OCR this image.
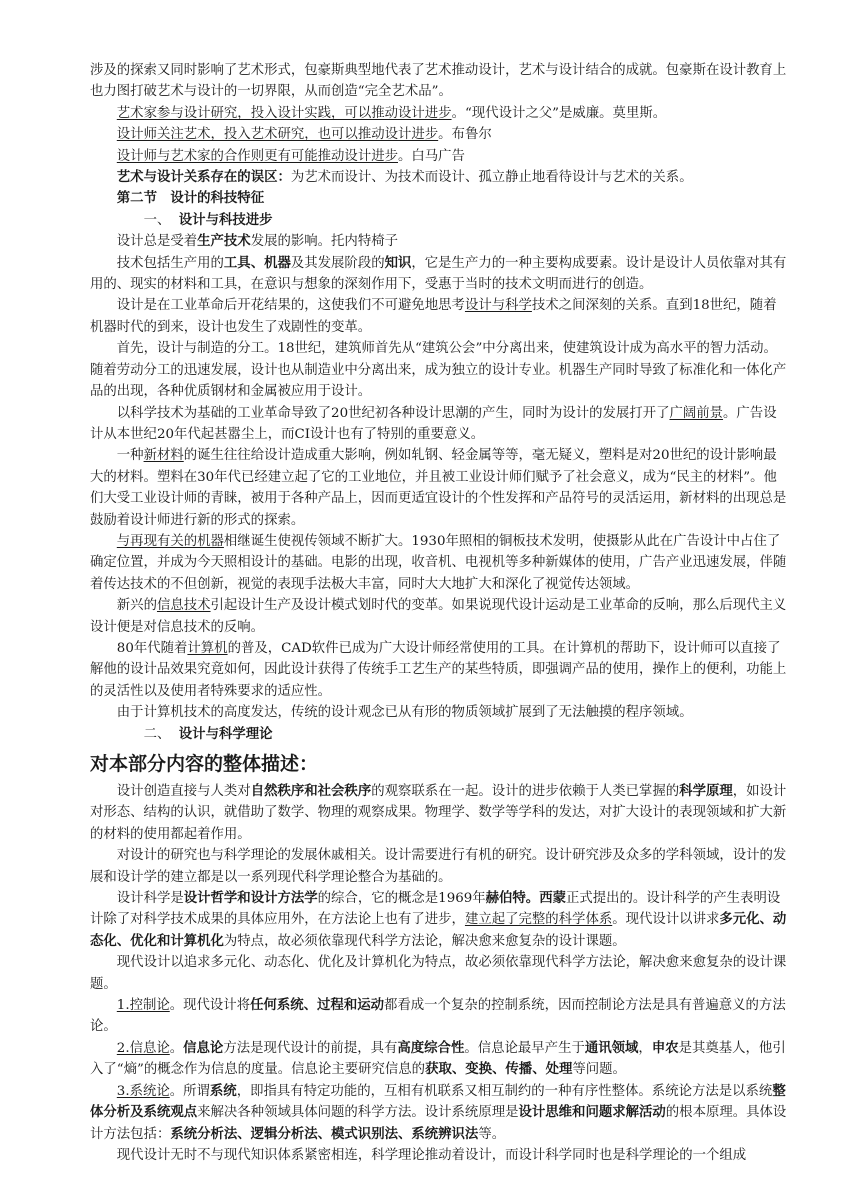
涉及的探索又同时影响了艺术形式，包豪斯典型地代表了艺术推动设计，艺术与设计结合的成就。包豪斯在设计教育上也力图打破艺术与设计的一切界限，从而创造“完全艺术品”。

艺术家参与设计研究，投入设计实践，可以推动设计进步。“现代设计之父”是威廉。莫里斯。

设计师关注艺术，投入艺术研究，也可以推动设计进步。布鲁尔

设计师与艺术家的合作则更有可能推动设计进步。白马广告

艺术与设计关系存在的误区：为艺术而设计、为技术而设计、孤立静止地看待设计与艺术的关系。

第二节　设计的科技特征

一、 设计与科技进步

设计总是受着生产技术发展的影响。托内特椅子

技术包括生产用的工具、机器及其发展阶段的知识，它是生产力的一种主要构成要素。设计是设计人员依靠对其有用的、现实的材料和工具，在意识与想象的深刻作用下，受惠于当时的技术文明而进行的创造。

设计是在工业革命后开花结果的，这使我们不可避免地思考设计与科学技术之间深刻的关系。直到18世纪，随着机器时代的到来，设计也发生了戏剧性的变革。

首先，设计与制造的分工。18世纪，建筑师首先从“建筑公会”中分离出来，使建筑设计成为高水平的智力活动。随着劳动分工的迅速发展，设计也从制造业中分离出来，成为独立的设计专业。机器生产同时导致了标准化和一体化产品的出现，各种优质钢材和金属被应用于设计。

以科学技术为基础的工业革命导致了20世纪初各种设计思潮的产生，同时为设计的发展打开了广阔前景。广告设计从本世纪20年代起甚嚣尘上，而CI设计也有了特别的重要意义。

一种新材料的诞生往往给设计造成重大影响，例如轧钢、轻金属等等，毫无疑义，塑料是对20世纪的设计影响最大的材料。塑料在30年代已经建立起了它的工业地位，并且被工业设计师们赋予了社会意义，成为“民主的材料”。他们大受工业设计师的青睐，被用于各种产品上，因而更适宜设计的个性发挥和产品符号的灵活运用，新材料的出现总是鼓励着设计师进行新的形式的探索。

与再现有关的机器相继诞生使视传领域不断扩大。1930年照相的铜板技术发明，使摄影从此在广告设计中占住了确定位置，并成为今天照相设计的基础。电影的出现，收音机、电视机等多种新媒体的使用，广告产业迅速发展，伴随着传达技术的不但创新，视觉的表现手法极大丰富，同时大大地扩大和深化了视觉传达领域。

新兴的信息技术引起设计生产及设计模式划时代的变革。如果说现代设计运动是工业革命的反响，那么后现代主义设计便是对信息技术的反响。

80年代随着计算机的普及，CAD软件已成为广大设计师经常使用的工具。在计算机的帮助下，设计师可以直接了解他的设计品效果究竟如何，因此设计获得了传统手工艺生产的某些特质，即强调产品的使用，操作上的便利，功能上的灵活性以及使用者特殊要求的适应性。

由于计算机技术的高度发达，传统的设计观念已从有形的物质领域扩展到了无法触摸的程序领域。

二、 设计与科学理论

对本部分内容的整体描述：

设计创造直接与人类对自然秩序和社会秩序的观察联系在一起。设计的进步依赖于人类已掌握的科学原理，如设计对形态、结构的认识，就借助了数学、物理的观察成果。物理学、数学等学科的发达，对扩大设计的表现领域和扩大新的材料的使用都起着作用。

对设计的研究也与科学理论的发展休戚相关。设计需要进行有机的研究。设计研究涉及众多的学科领域，设计的发展和设计学的建立都是以一系列现代科学理论整合为基础的。

设计科学是设计哲学和设计方法学的综合，它的概念是1969年赫伯特。西蒙正式提出的。设计科学的产生表明设计除了对科学技术成果的具体应用外，在方法论上也有了进步，建立起了完整的科学体系。现代设计以讲求多元化、动态化、优化和计算机化为特点，故必须依靠现代科学方法论，解决愈来愈复杂的设计课题。

现代设计以追求多元化、动态化、优化及计算机化为特点，故必须依靠现代科学方法论，解决愈来愈复杂的设计课题。

1.控制论。现代设计将任何系统、过程和运动都看成一个复杂的控制系统，因而控制论方法是具有普遍意义的方法论。

2.信息论。信息论方法是现代设计的前提，具有高度综合性。信息论最早产生于通讯领域，申农是其奠基人，他引入了“熵”的概念作为信息的度量。信息论主要研究信息的获取、变换、传播、处理等问题。

3.系统论。所谓系统，即指具有特定功能的，互相有机联系又相互制约的一种有序性整体。系统论方法是以系统整体分析及系统观点来解决各种领域具体问题的科学方法。设计系统原理是设计思维和问题求解活动的根本原理。具体设计方法包括：系统分析法、逻辑分析法、模式识别法、系统辨识法等。

现代设计无时不与现代知识体系紧密相连，科学理论推动着设计，而设计科学同时也是科学理论的一个组成
